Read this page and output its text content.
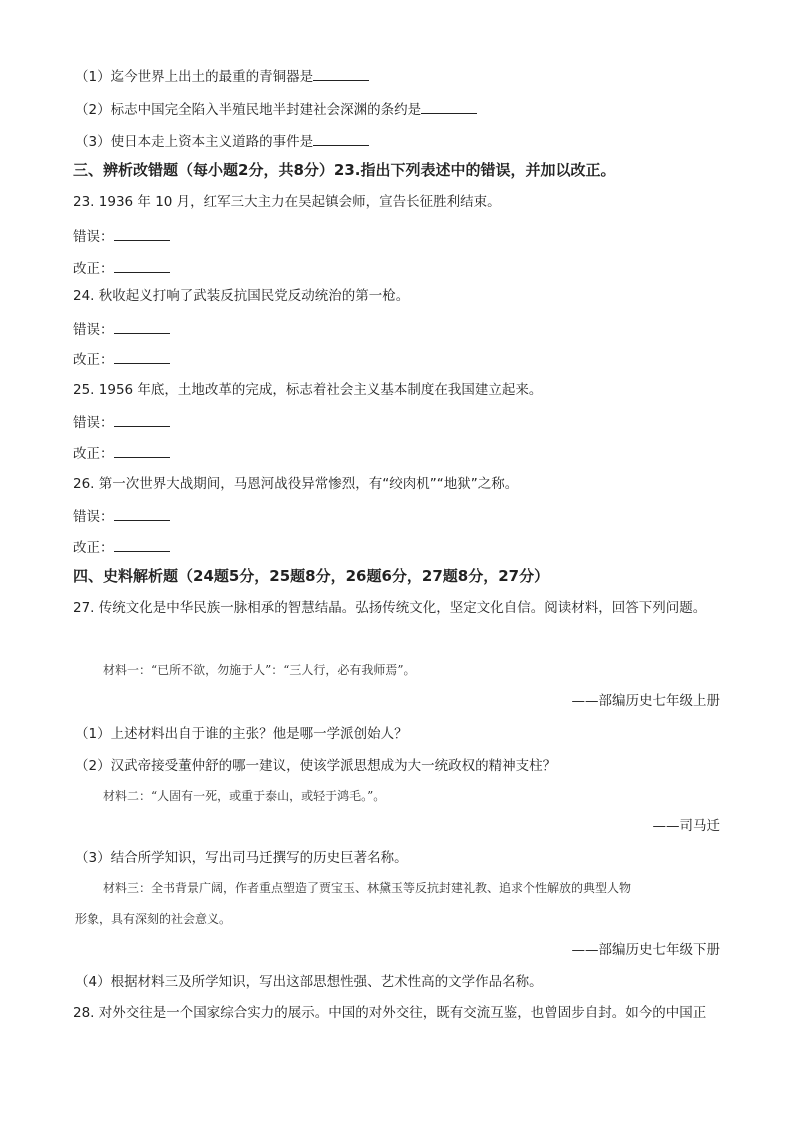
（1）迄今世界上出土的最重的青铜器是
（2）标志中国完全陷入半殖民地半封建社会深渊的条约是
（3）使日本走上资本主义道路的事件是
三、辨析改错题（每小题2分，共8分）23.指出下列表述中的错误，并加以改正。
23. 1936 年 10 月，红军三大主力在吴起镇会师，宣告长征胜利结束。
错误：
改正：
24. 秋收起义打响了武装反抗国民党反动统治的第一枪。
错误：
改正：
25. 1956 年底，土地改革的完成，标志着社会主义基本制度在我国建立起来。
错误：
改正：
26. 第一次世界大战期间，马恩河战役异常惨烈，有“绞肉机”“地狱”之称。
错误：
改正：
四、史料解析题（24题5分，25题8分，26题6分，27题8分，27分）
27. 传统文化是中华民族一脉相承的智慧结晶。弘扬传统文化，坚定文化自信。阅读材料，回答下列问题。
材料一：“已所不欲，勿施于人”：“三人行，必有我师焉”。
——部编历史七年级上册
（1）上述材料出自于谁的主张？他是哪一学派创始人？
（2）汉武帝接受董仲舒的哪一建议，使该学派思想成为大一统政权的精神支柱？
材料二：“人固有一死，或重于泰山，或轻于鸿毛。”。
——司马迁
（3）结合所学知识，写出司马迁撰写的历史巨著名称。
材料三：全书背景广阔，作者重点塑造了贾宝玉、林黛玉等反抗封建礼教、追求个性解放的典型人物
形象，具有深刻的社会意义。
——部编历史七年级下册
（4）根据材料三及所学知识，写出这部思想性强、艺术性高的文学作品名称。
28. 对外交往是一个国家综合实力的展示。中国的对外交往，既有交流互鉴，也曾固步自封。如今的中国正
